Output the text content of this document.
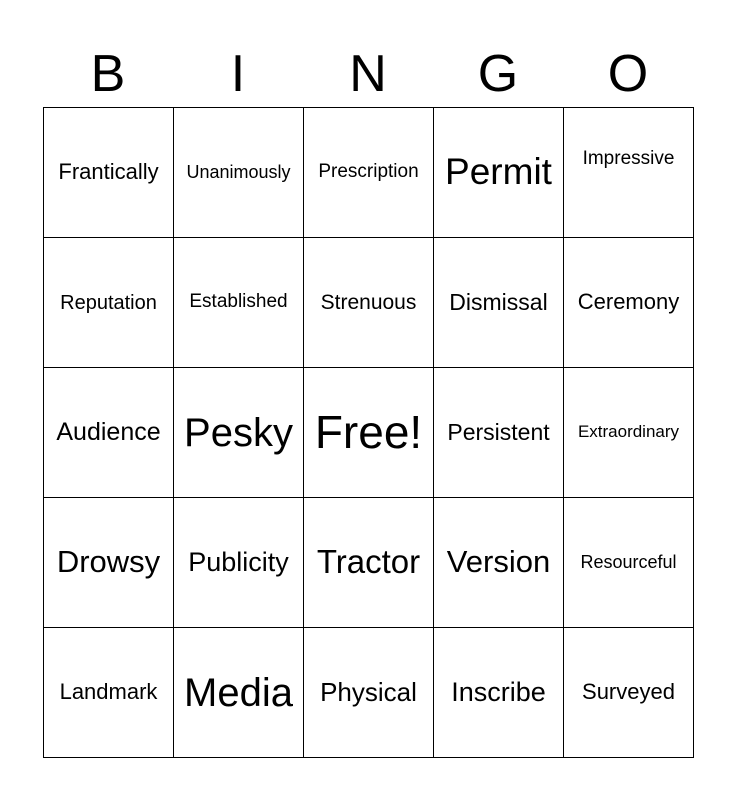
B	I	N	G	O
Frantically Unanimously Prescription Permit Impressive
Reputation Established Strenuous Dismissal Ceremony
Audience Pesky Free! Persistent Extraordinary
Drowsy Publicity Tractor Version Resourceful
Landmark Media Physical Inscribe Surveyed
